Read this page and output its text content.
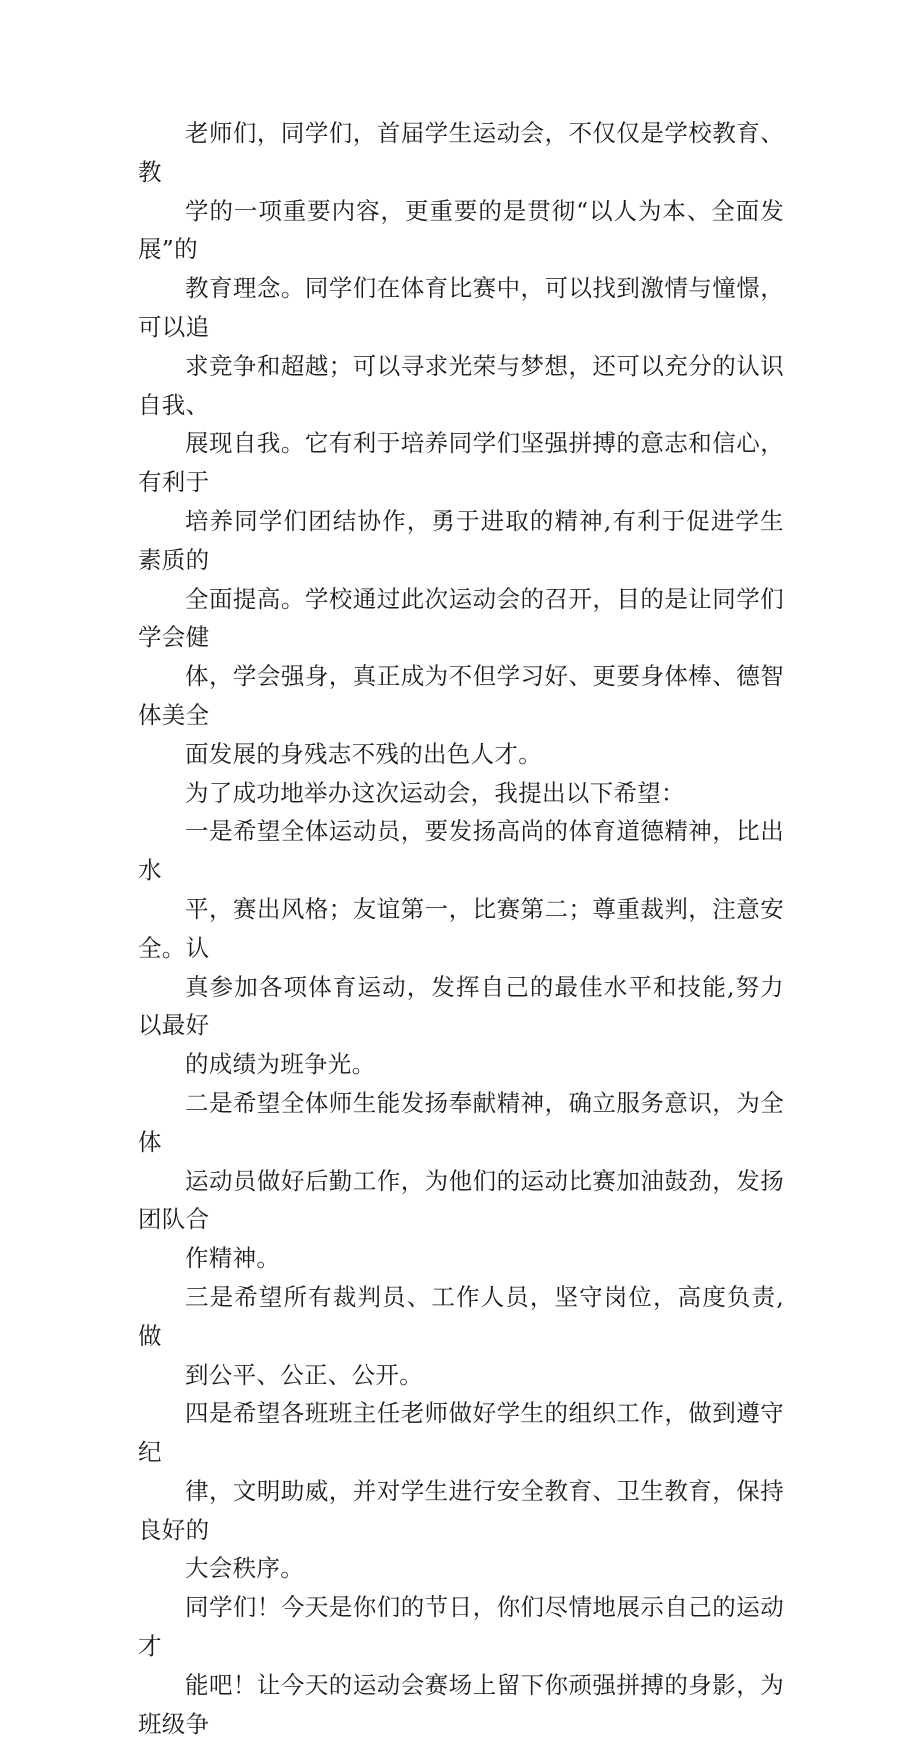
老师们，同学们，首届学生运动会，不仅仅是学校教育、教
学的一项重要内容，更重要的是贯彻“以人为本、全面发展”的
教育理念。同学们在体育比赛中，可以找到激情与憧憬，可以追
求竞争和超越；可以寻求光荣与梦想，还可以充分的认识自我、
展现自我。它有利于培养同学们坚强拼搏的意志和信心，有利于
培养同学们团结协作，勇于进取的精神,有利于促进学生素质的
全面提高。学校通过此次运动会的召开，目的是让同学们学会健
体，学会强身，真正成为不但学习好、更要身体棒、德智体美全
面发展的身残志不残的出色人才。

为了成功地举办这次运动会，我提出以下希望：

一是希望全体运动员，要发扬高尚的体育道德精神，比出水
平，赛出风格；友谊第一，比赛第二；尊重裁判，注意安全。认
真参加各项体育运动，发挥自己的最佳水平和技能,努力以最好
的成绩为班争光。

二是希望全体师生能发扬奉献精神，确立服务意识，为全体
运动员做好后勤工作，为他们的运动比赛加油鼓劲，发扬团队合
作精神。

三是希望所有裁判员、工作人员，坚守岗位，高度负责,做
到公平、公正、公开。

四是希望各班班主任老师做好学生的组织工作，做到遵守纪
律，文明助威，并对学生进行安全教育、卫生教育，保持良好的
大会秩序。

同学们！今天是你们的节日，你们尽情地展示自己的运动才
能吧！让今天的运动会赛场上留下你顽强拼搏的身影，为班级争
